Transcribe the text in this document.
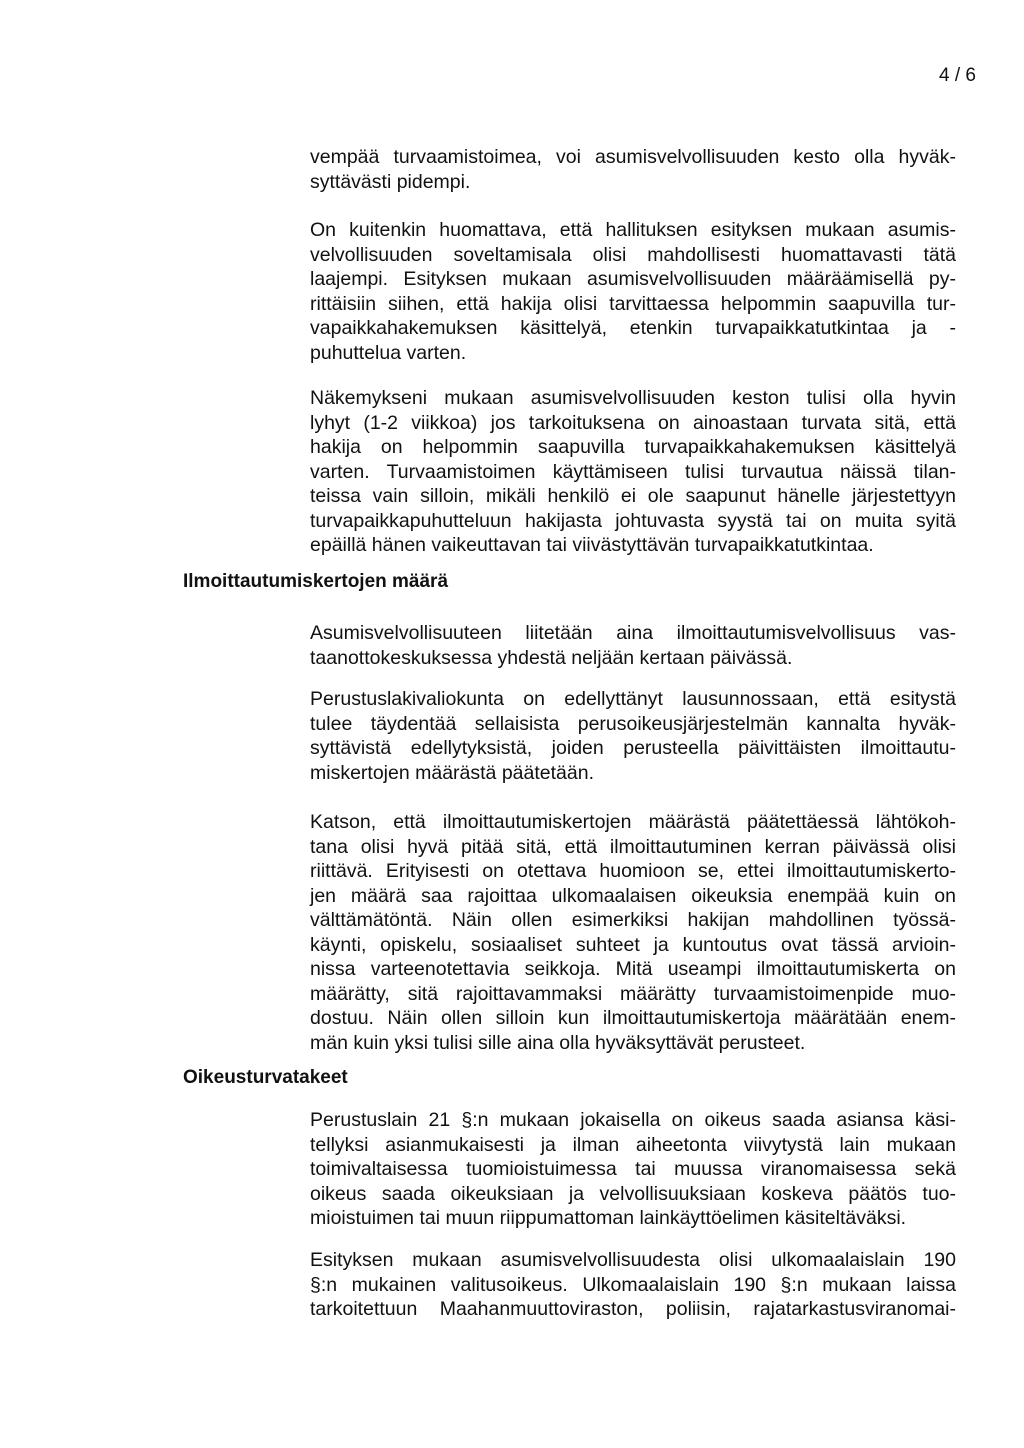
4 / 6
vempää turvaamistoimea, voi asumisvelvollisuuden kesto olla hyväk-
syttävästi pidempi.
On kuitenkin huomattava, että hallituksen esityksen mukaan asumis-
velvollisuuden soveltamisala olisi mahdollisesti huomattavasti tätä
laajempi. Esityksen mukaan asumisvelvollisuuden määräämisellä py-
rittäisiin siihen, että hakija olisi tarvittaessa helpommin saapuvilla tur-
vapaikkahakemuksen käsittelyä, etenkin turvapaikkatutkintaa ja -
puhuttelua varten.
Näkemykseni mukaan asumisvelvollisuuden keston tulisi olla hyvin
lyhyt (1-2 viikkoa) jos tarkoituksena on ainoastaan turvata sitä, että
hakija on helpommin saapuvilla turvapaikkahakemuksen käsittelyä
varten. Turvaamistoimen käyttämiseen tulisi turvautua näissä tilan-
teissa vain silloin, mikäli henkilö ei ole saapunut hänelle järjestettyyn
turvapaikkapuhutteluun hakijasta johtuvasta syystä tai on muita syitä
epäillä hänen vaikeuttavan tai viivästyttävän turvapaikkatutkintaa.
Ilmoittautumiskertojen määrä
Asumisvelvollisuuteen liitetään aina ilmoittautumisvelvollisuus vas-
taanottokeskuksessa yhdestä neljään kertaan päivässä.
Perustuslakivaliokunta on edellyttänyt lausunnossaan, että esitystä
tulee täydentää sellaisista perusoikeusjärjestelmän kannalta hyväk-
syttävistä edellytyksistä, joiden perusteella päivittäisten ilmoittautu-
miskertojen määrästä päätetään.
Katson, että ilmoittautumiskertojen määrästä päätettäessä lähtökoh-
tana olisi hyvä pitää sitä, että ilmoittautuminen kerran päivässä olisi
riittävä. Erityisesti on otettava huomioon se, ettei ilmoittautumiskerto-
jen määrä saa rajoittaa ulkomaalaisen oikeuksia enempää kuin on
välttämätöntä. Näin ollen esimerkiksi hakijan mahdollinen työssä-
käynti, opiskelu, sosiaaliset suhteet ja kuntoutus ovat tässä arvioin-
nissa varteenotettavia seikkoja. Mitä useampi ilmoittautumiskerta on
määrätty, sitä rajoittavammaksi määrätty turvaamistoimenpide muo-
dostuu. Näin ollen silloin kun ilmoittautumiskertoja määrätään enem-
män kuin yksi tulisi sille aina olla hyväksyttävät perusteet.
Oikeusturvatakeet
Perustuslain 21 §:n mukaan jokaisella on oikeus saada asiansa käsi-
tellyksi asianmukaisesti ja ilman aiheetonta viivytystä lain mukaan
toimivaltaisessa tuomioistuimessa tai muussa viranomaisessa sekä
oikeus saada oikeuksiaan ja velvollisuuksiaan koskeva päätös tuo-
mioistuimen tai muun riippumattoman lainkäyttöelimen käsiteltäväksi.
Esityksen mukaan asumisvelvollisuudesta olisi ulkomaalaislain 190
§:n mukainen valitusoikeus. Ulkomaalaislain 190 §:n mukaan laissa
tarkoitettuun Maahanmuuttoviraston, poliisin, rajatarkastusviranomai-
